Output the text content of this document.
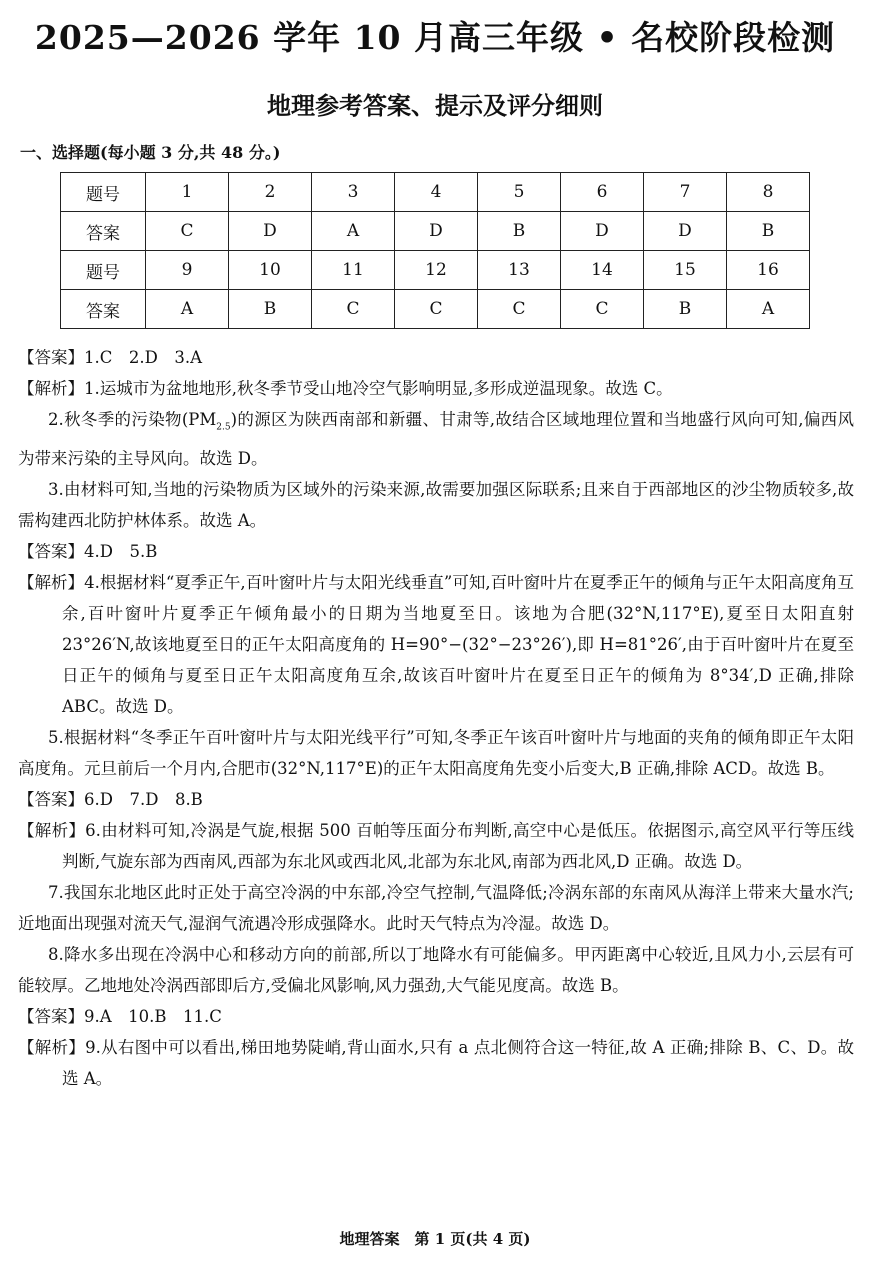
2025—2026 学年 10 月高三年级 • 名校阶段检测
地理参考答案、提示及评分细则
一、选择题(每小题 3 分,共 48 分。)
题号	1	2	3	4	5	6	7	8
答案	C	D	A	D	B	D	D	B
题号	9	10	11	12	13	14	15	16
答案	A	B	C	C	C	C	B	A
【答案】1.C　2.D　3.A
【解析】1.运城市为盆地地形,秋冬季节受山地冷空气影响明显,多形成逆温现象。故选 C。
2.秋冬季的污染物$(PM_{2.5})$的源区为陕西南部和新疆、甘肃等,故结合区域地理位置和当地盛行风向可知,偏西风为带来污染的主导风向。故选 D。
3.由材料可知,当地的污染物质为区域外的污染来源,故需要加强区际联系;且来自于西部地区的沙尘物质较多,故需构建西北防护林体系。故选 A。
【答案】4.D　5.B
【解析】4.根据材料“夏季正午,百叶窗叶片与太阳光线垂直”可知,百叶窗叶片在夏季正午的倾角与正午太阳高度角互余,百叶窗叶片夏季正午倾角最小的日期为当地夏至日。该地为合肥(32°N,117°E),夏至日太阳直射 23°26′N,故该地夏至日的正午太阳高度角的 H=90°−(32°−23°26′),即 H=81°26′,由于百叶窗叶片在夏至日正午的倾角与夏至日正午太阳高度角互余,故该百叶窗叶片在夏至日正午的倾角为 8°34′,D 正确,排除 ABC。故选 D。
5.根据材料“冬季正午百叶窗叶片与太阳光线平行”可知,冬季正午该百叶窗叶片与地面的夹角的倾角即正午太阳高度角。元旦前后一个月内,合肥市(32°N,117°E)的正午太阳高度角先变小后变大,B 正确,排除 ACD。故选 B。
【答案】6.D　7.D　8.B
【解析】6.由材料可知,冷涡是气旋,根据 500 百帕等压面分布判断,高空中心是低压。依据图示,高空风平行等压线判断,气旋东部为西南风,西部为东北风或西北风,北部为东北风,南部为西北风,D 正确。故选 D。
7.我国东北地区此时正处于高空冷涡的中东部,冷空气控制,气温降低;冷涡东部的东南风从海洋上带来大量水汽;近地面出现强对流天气,湿润气流遇冷形成强降水。此时天气特点为冷湿。故选 D。
8.降水多出现在冷涡中心和移动方向的前部,所以丁地降水有可能偏多。甲丙距离中心较近,且风力小,云层有可能较厚。乙地地处冷涡西部即后方,受偏北风影响,风力强劲,大气能见度高。故选 B。
【答案】9.A　10.B　11.C
【解析】9.从右图中可以看出,梯田地势陡峭,背山面水,只有 a 点北侧符合这一特征,故 A 正确;排除 B、C、D。故选 A。
地理答案　第 1 页(共 4 页)
